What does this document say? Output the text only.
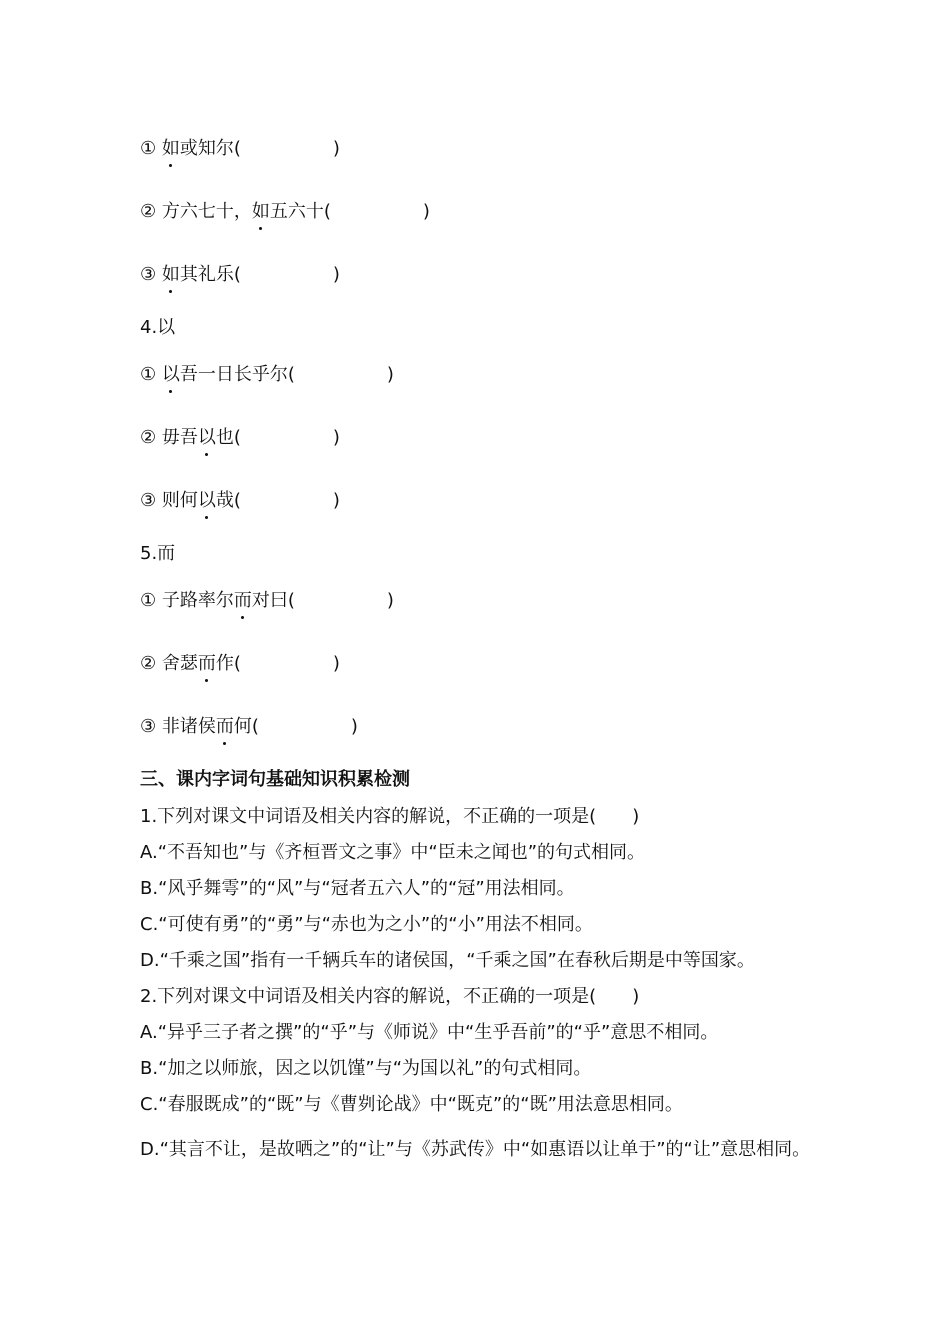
① 如或知尔(	)
② 方六七十，如五六十(	)
③ 如其礼乐(	)
4.以
① 以吾一日长乎尔(	)
② 毋吾以也(	)
③ 则何以哉(	)
5.而
① 子路率尔而对曰(	)
② 舍瑟而作(	)
③ 非诸侯而何(	)
三、课内字词句基础知识积累检测
1.下列对课文中词语及相关内容的解说，不正确的一项是(　　)
A.“不吾知也”与《齐桓晋文之事》中“臣未之闻也”的句式相同。
B.“风乎舞雩”的“风”与“冠者五六人”的“冠”用法相同。
C.“可使有勇”的“勇”与“赤也为之小”的“小”用法不相同。
D.“千乘之国”指有一千辆兵车的诸侯国，“千乘之国”在春秋后期是中等国家。
2.下列对课文中词语及相关内容的解说，不正确的一项是(　　)
A.“异乎三子者之撰”的“乎”与《师说》中“生乎吾前”的“乎”意思不相同。
B.“加之以师旅，因之以饥馑”与“为国以礼”的句式相同。
C.“春服既成”的“既”与《曹刿论战》中“既克”的“既”用法意思相同。
D.“其言不让，是故哂之”的“让”与《苏武传》中“如惠语以让单于”的“让”意思相同。
